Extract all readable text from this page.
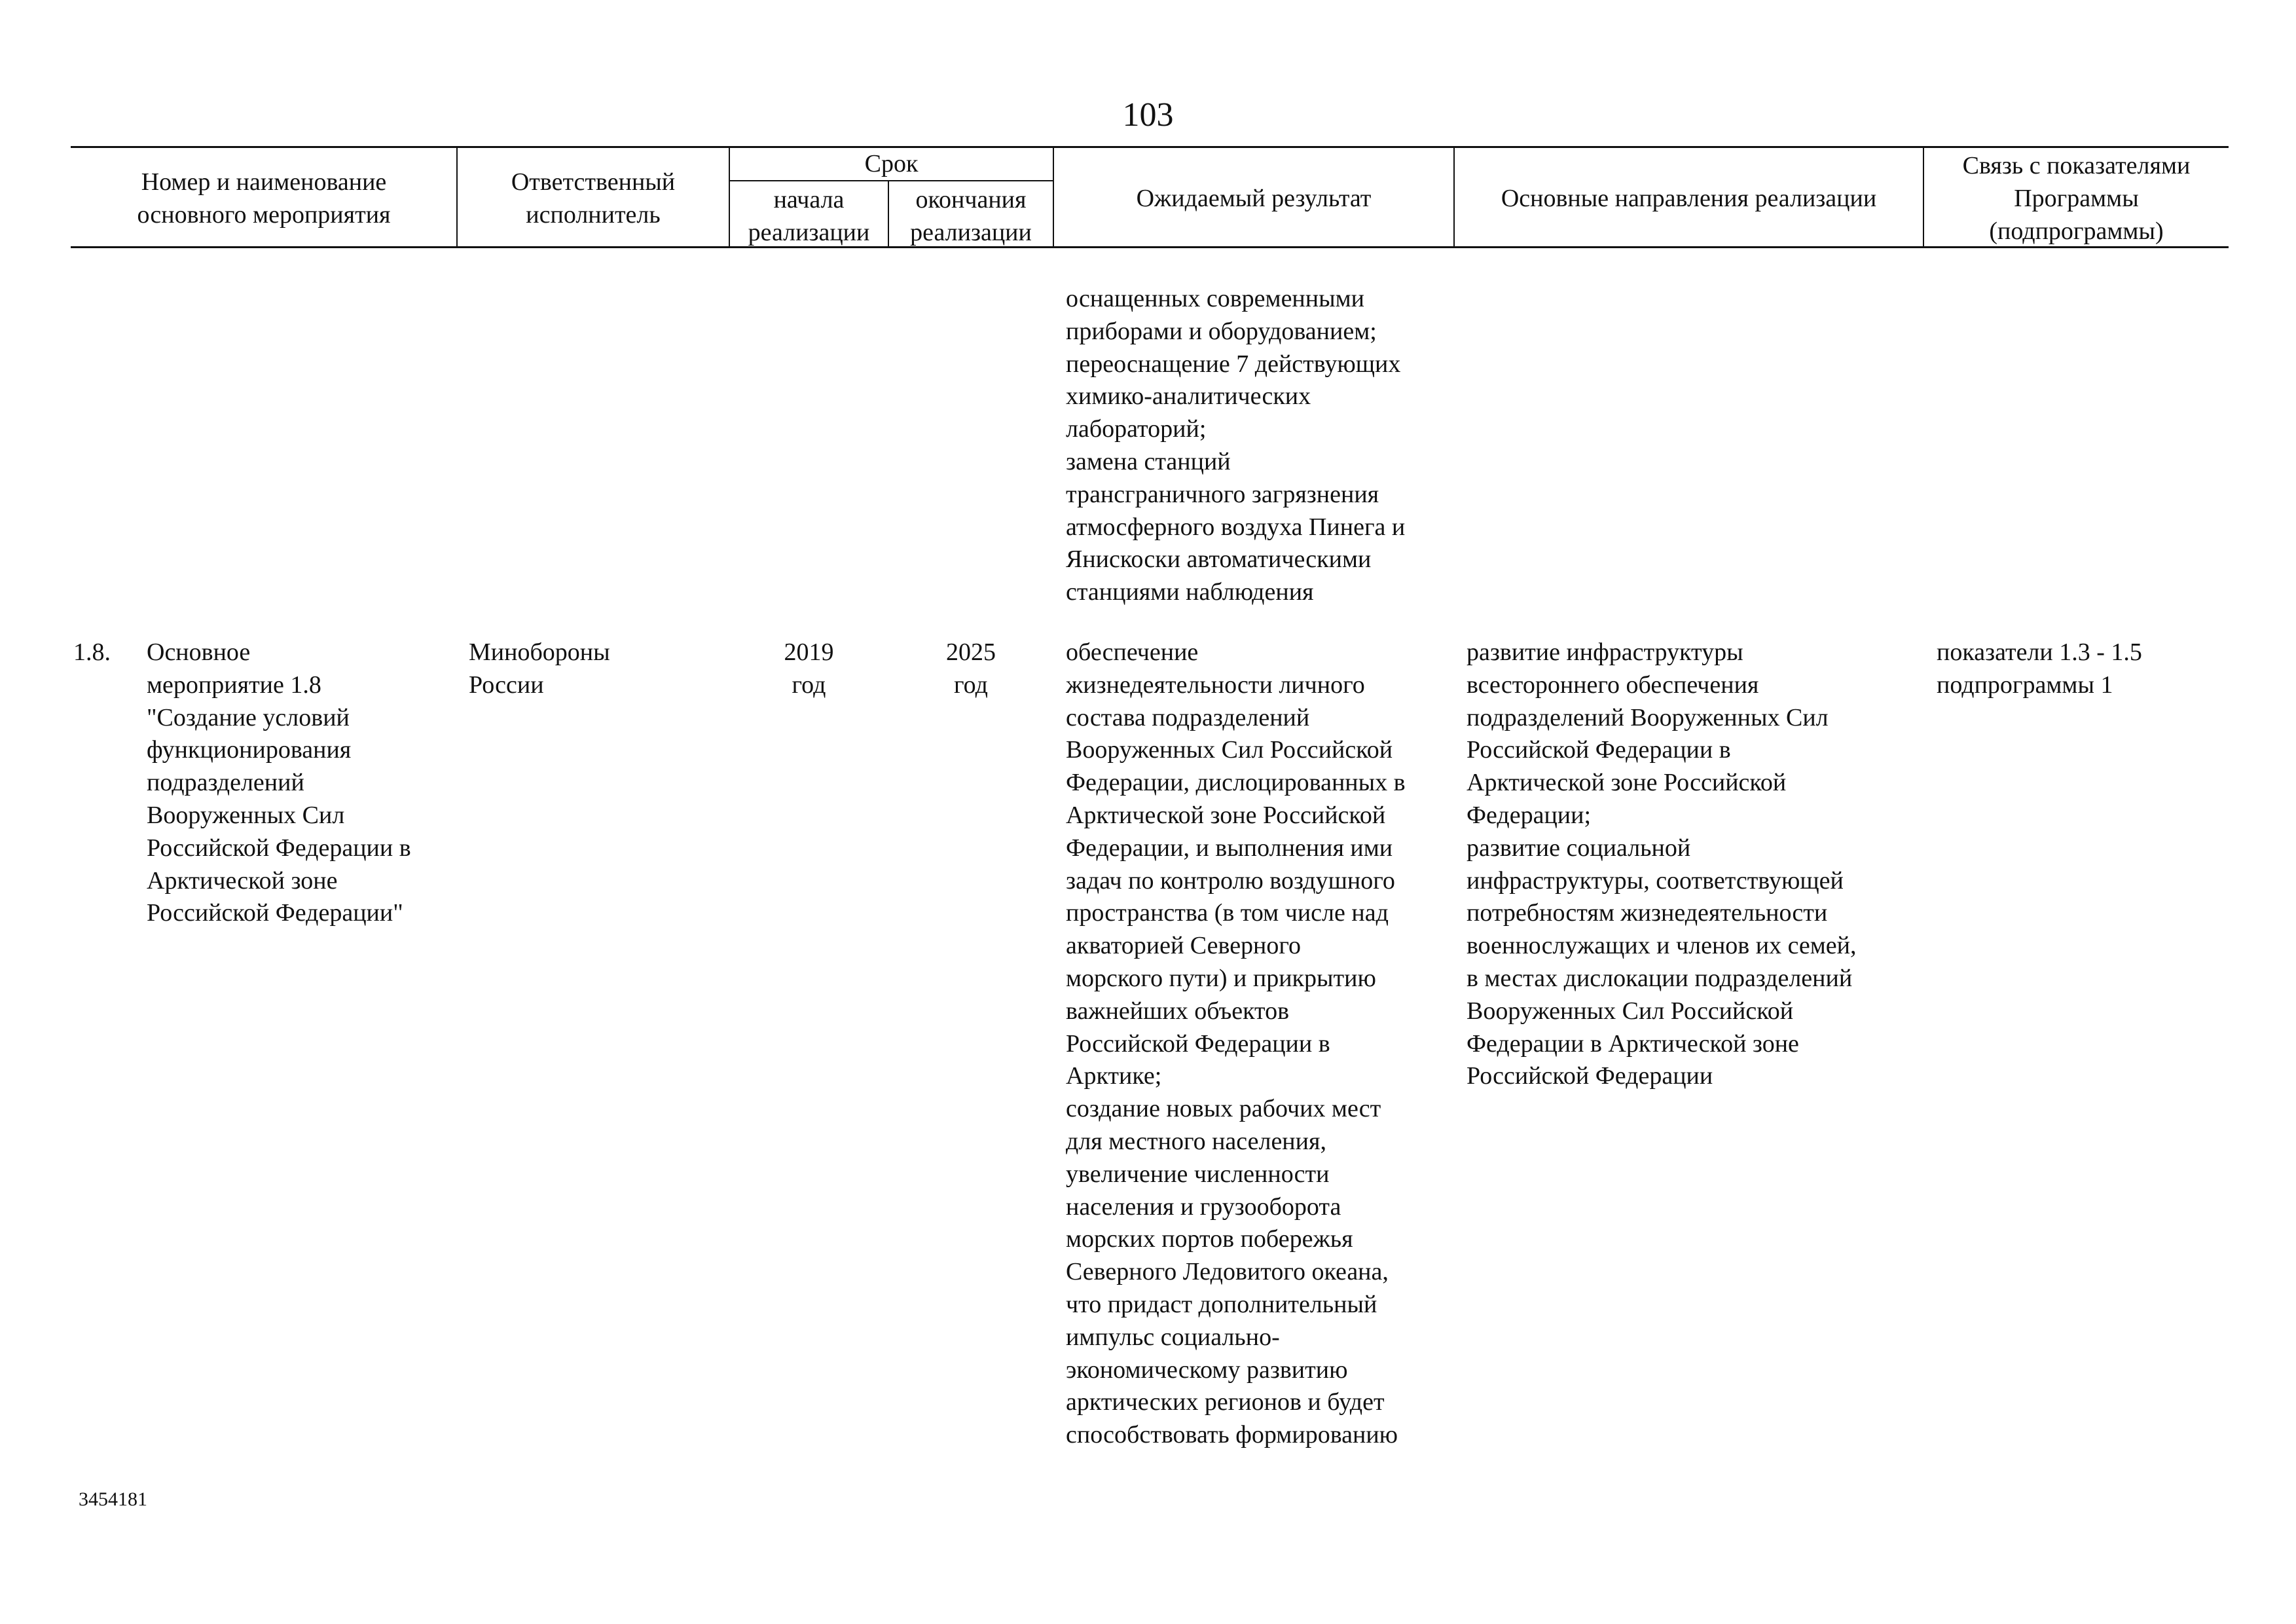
103
Номер и наименование
основного мероприятия
Ответственный
исполнитель
Срок
начала
реализации
окончания
реализации
Ожидаемый результат	Основные направления реализации
Связь с показателями
Программы
(подпрограммы)
оснащенных современными
приборами и оборудованием;
переоснащение 7 действующих
химико-аналитических
лабораторий;
замена станций
трансграничного загрязнения
атмосферного воздуха Пинега и
Янискоски автоматическими
станциями наблюдения
1.8. Основное
мероприятие 1.8
"Создание условий
функционирования
подразделений
Вооруженных Сил
Российской Федерации в
Арктической зоне
Российской Федерации"
Минобороны
России
2019
год
2025
год
обеспечение
жизнедеятельности личного
состава подразделений
Вооруженных Сил Российской
Федерации, дислоцированных в
Арктической зоне Российской
Федерации, и выполнения ими
задач по контролю воздушного
пространства (в том числе над
акваторией Северного
морского пути) и прикрытию
важнейших объектов
Российской Федерации в
Арктике;
создание новых рабочих мест
для местного населения,
увеличение численности
населения и грузооборота
морских портов побережья
Северного Ледовитого океана,
что придаст дополнительный
импульс социально-
экономическому развитию
арктических регионов и будет
способствовать формированию
развитие инфраструктуры
всестороннего обеспечения
подразделений Вооруженных Сил
Российской Федерации в
Арктической зоне Российской
Федерации;
развитие социальной
инфраструктуры, соответствующей
потребностям жизнедеятельности
военнослужащих и членов их семей,
в местах дислокации подразделений
Вооруженных Сил Российской
Федерации в Арктической зоне
Российской Федерации
показатели 1.3 - 1.5
подпрограммы 1
3454181
